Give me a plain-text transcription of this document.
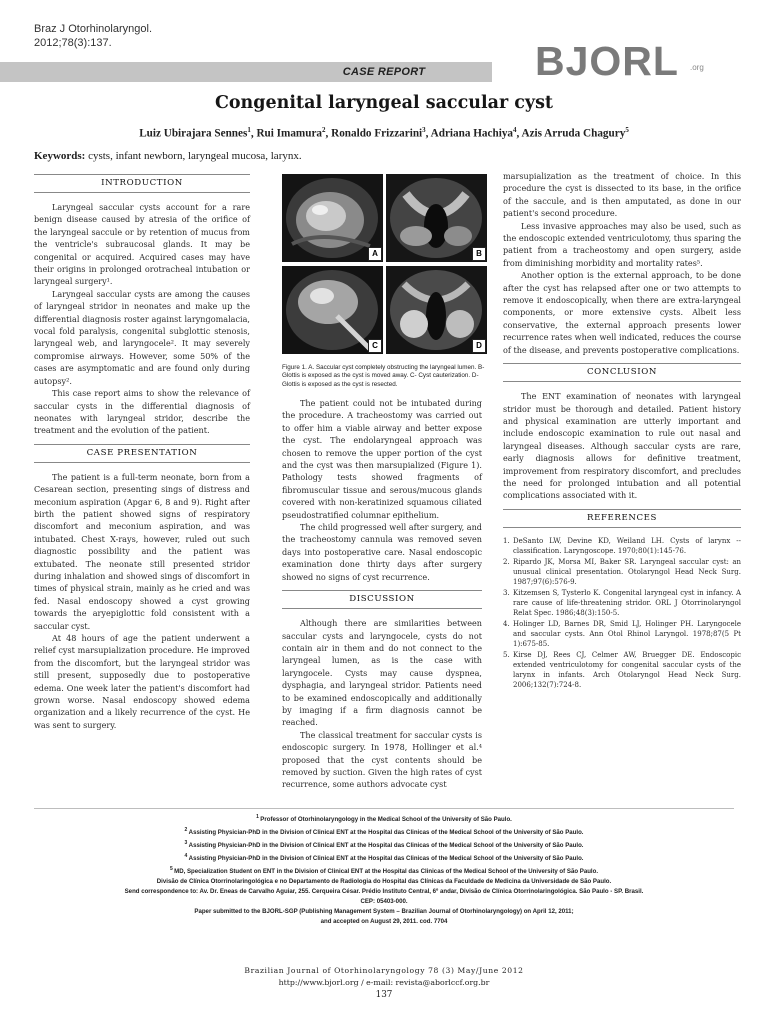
Braz J Otorhinolaryngol.
2012;78(3):137.
CASE REPORT	BJORL .org
Congenital laryngeal saccular cyst
Luiz Ubirajara Sennes$^1$, Rui Imamura$^2$, Ronaldo Frizzarini$^3$, Adriana Hachiya$^4$, Azis Arruda Chagury$^5$
Keywords: cysts, infant newborn, laryngeal mucosa, larynx.
INTRODUCTION

Laryngeal saccular cysts account for a rare benign disease caused by atresia of the orifice of the laryngeal saccule or by retention of mucus from the ventricle's subraucosal glands. It may be congenital or acquired. Acquired cases may have their origins in prolonged orotracheal intubation or laryngeal surgery¹.

Laryngeal saccular cysts are among the causes of laryngeal stridor in neonates and make up the differential diagnosis roster against laryngomalacia, vocal fold paralysis, congenital subglottic stenosis, laryngeal web, and laryngocele². It may severely compromise airways. However, some 50% of the cases are asymptomatic and are found only during autopsy².

This case report aims to show the relevance of saccular cysts in the differential diagnosis of neonates with laryngeal stridor, describe the treatment and the evolution of the patient.

CASE PRESENTATION

The patient is a full-term neonate, born from a Cesarean section, presenting sings of distress and meconium aspiration (Apgar 6, 8 and 9). Right after birth the patient showed signs of respiratory discomfort and meconium aspiration, and was intubated. Chest X-rays, however, ruled out such diagnostic possibility and the patient was extubated. The neonate still presented stridor during inhalation and showed sings of discomfort in times of physical strain, mainly as he cried and was fed. Nasal endoscopy showed a cyst growing towards the aryepiglottic fold consistent with a saccular cyst.

At 48 hours of age the patient underwent a relief cyst marsupialization procedure. He improved from the discomfort, but the laryngeal stridor was still present, supposedly due to postoperative edema. One week later the patient's discomfort had grown worse. Nasal endoscopy showed edema organization and a likely recurrence of the cyst. He was sent to surgery.

A	B
C	D
Figure 1. A. Saccular cyst completely obstructing the laryngeal lumen. B- Glottis is exposed as the cyst is moved away. C- Cyst cauterization. D- Glottis is exposed as the cyst is resected.

The patient could not be intubated during the procedure. A tracheostomy was carried out to offer him a viable airway and better expose the cyst. The endolaryngeal approach was chosen to remove the upper portion of the cyst and the cyst was then marsupialized (Figure 1). Pathology tests showed fragments of fibromuscular tissue and serous/mucous glands covered with non-keratinized squamous ciliated pseudostratified columnar epithelium.

The child progressed well after surgery, and the tracheostomy cannula was removed seven days into postoperative care. Nasal endoscopic examination done thirty days after surgery showed no signs of cyst recurrence.

DISCUSSION

Although there are similarities between saccular cysts and laryngocele, cysts do not contain air in them and do not connect to the laryngeal lumen, as is the case with laryngocele. Cysts may cause dyspnea, dysphagia, and laryngeal stridor. Patients need to be examined endoscopically and additionally by imaging if a firm diagnosis cannot be reached.

The classical treatment for saccular cysts is endoscopic surgery. In 1978, Hollinger et al.⁴ proposed that the cyst contents should be removed by suction. Given the high rates of cyst recurrence, some authors advocate cyst

marsupialization as the treatment of choice. In this procedure the cyst is dissected to its base, in the orifice of the saccule, and is then amputated, as done in our patient's second procedure.

Less invasive approaches may also be used, such as the endoscopic extended ventriculotomy, thus sparing the patient from a tracheostomy and open surgery, aside from diminishing morbidity and mortality rates⁵.

Another option is the external approach, to be done after the cyst has relapsed after one or two attempts to remove it endoscopically, when there are extra-laryngeal components, or more extensive cysts. Albeit less conservative, the external approach presents lower recurrence rates when well indicated, reduces the course of the disease, and prevents postoperative complications.

CONCLUSION

The ENT examination of neonates with laryngeal stridor must be thorough and detailed. Patient history and physical examination are utterly important and include endoscopic examination to rule out nasal and laryngeal diseases. Although saccular cysts are rare, early diagnosis allows for definitive treatment, improvement from respiratory discomfort, and precludes the need for prolonged intubation and all potential complications associated with it.

REFERENCES
1. DeSanto LW, Devine KD, Weiland LH. Cysts of larynx -- classification. Laryngoscope. 1970;80(1):145-76.
2. Ripardo JK, Morsa MI, Baker SR. Laryngeal saccular cyst: an unusual clinical presentation. Otolaryngol Head Neck Surg. 1987;97(6):576-9.
3. Kitzemsen S, Tysterlo K. Congenital laryngeal cyst in infancy. A rare cause of life-threatening stridor. ORL J Otorrinolaryngol Relat Spec. 1986;48(3):150-5.
4. Holinger LD, Barnes DR, Smid LJ, Holinger PH. Laryngocele and saccular cysts. Ann Otol Rhinol Laryngol. 1978;87(5 Pt 1):675-85.
5. Kirse DJ, Rees CJ, Celmer AW, Bruegger DE. Endoscopic extended ventriculotomy for congenital saccular cysts of the larynx in infants. Arch Otolaryngol Head Neck Surg. 2006;132(7):724-8.
$^1$ Professor of Otorhinolaryngology in the Medical School of the University of São Paulo.
$^2$ Assisting Physician-PhD in the Division of Clinical ENT at the Hospital das Clinicas of the Medical School of the University of São Paulo.
$^3$ Assisting Physician-PhD in the Division of Clinical ENT at the Hospital das Clinicas of the Medical School of the University of São Paulo.
$^4$ Assisting Physician-PhD in the Division of Clinical ENT at the Hospital das Clinicas of the Medical School of the University of São Paulo.
$^5$ MD, Specialization Student on ENT in the Division of Clinical ENT at the Hospital das Clinicas of the Medical School of the University of São Paulo.
Divisão de Clínica Otorrinolaringológica e no Departamento de Radiologia do Hospital das Clínicas da Faculdade de Medicina da Universidade de São Paulo.
Send correspondence to: Av. Dr. Eneas de Carvalho Aguiar, 255. Cerqueira César. Prédio Instituto Central, 6º andar, Divisão de Clínica Otorrinolaringológica. São Paulo - SP. Brasil.
CEP: 05403-000.
Paper submitted to the BJORL-SGP (Publishing Management System – Brazilian Journal of Otorhinolaryngology) on April 12, 2011;
and accepted on August 29, 2011. cod. 7704
Brazilian Journal of Otorhinolaryngology 78 (3) May/June 2012
http://www.bjorl.org / e-mail: revista@aborlccf.org.br
137
